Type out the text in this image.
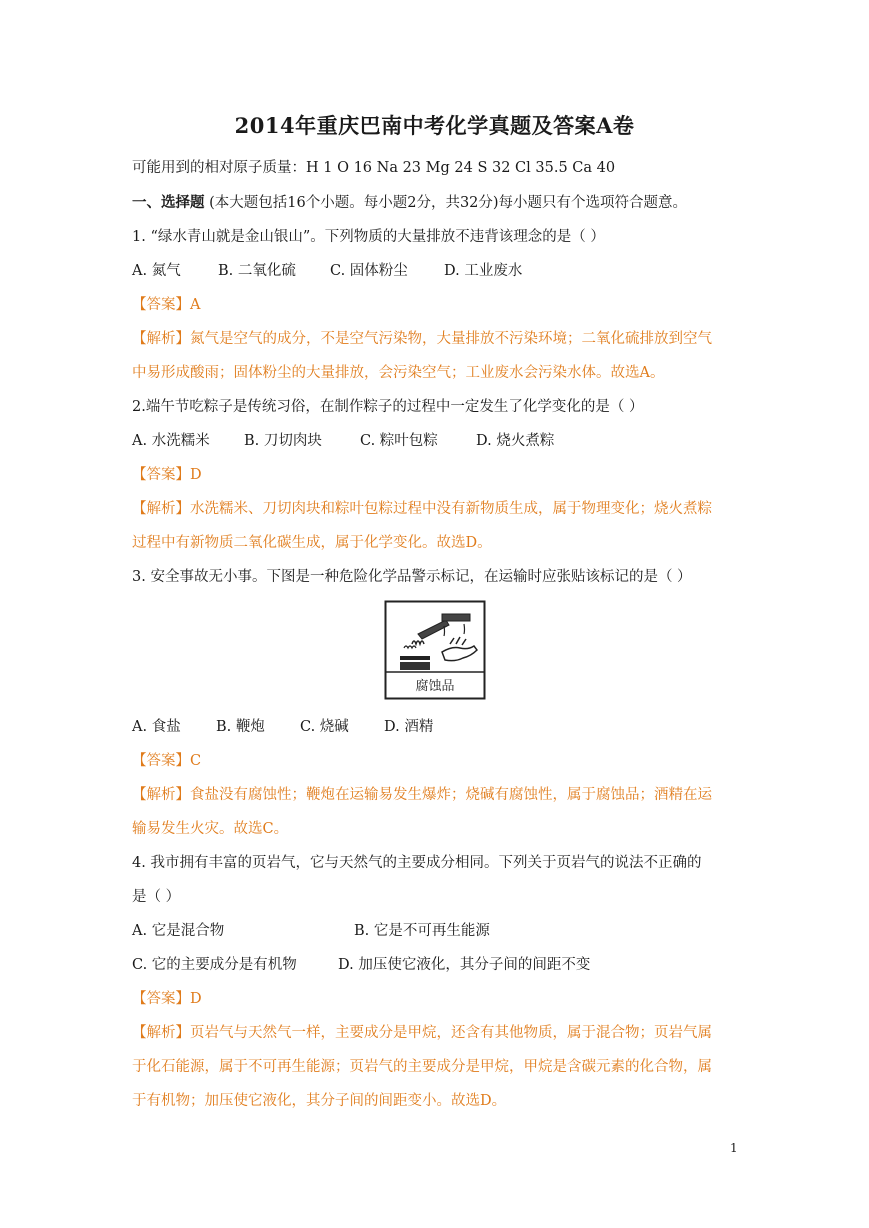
2014年重庆巴南中考化学真题及答案A卷
可能用到的相对原子质量：H 1 O 16 Na 23 Mg 24 S 32 Cl 35.5 Ca 40
一、选择题 (本大题包括16个小题。每小题2分，共32分)每小题只有个选项符合题意。
1. “绿水青山就是金山银山”。下列物质的大量排放不违背该理念的是（ ）
A. 氮气	B. 二氧化硫 C. 固体粉尘 D. 工业废水
【答案】A
【解析】氮气是空气的成分，不是空气污染物，大量排放不污染环境；二氧化硫排放到空气
中易形成酸雨；固体粉尘的大量排放，会污染空气；工业废水会污染水体。故选A。
2.端午节吃粽子是传统习俗，在制作粽子的过程中一定发生了化学变化的是（ ）
A. 水洗糯米 B. 刀切肉块	C. 粽叶包粽	D. 烧火煮粽
【答案】D
【解析】水洗糯米、刀切肉块和粽叶包粽过程中没有新物质生成，属于物理变化；烧火煮粽
过程中有新物质二氧化碳生成，属于化学变化。故选D。
3. 安全事故无小事。下图是一种危险化学品警示标记，在运输时应张贴该标记的是（ ）
腐蚀品
A. 食盐 B. 鞭炮 C. 烧碱 D. 酒精
【答案】C
【解析】食盐没有腐蚀性；鞭炮在运输易发生爆炸；烧碱有腐蚀性，属于腐蚀品；酒精在运
输易发生火灾。故选C。
4. 我市拥有丰富的页岩气，它与天然气的主要成分相同。下列关于页岩气的说法不正确的
是（ ）
A. 它是混合物	B. 它是不可再生能源
C. 它的主要成分是有机物	D. 加压使它液化，其分子间的间距不变
【答案】D
【解析】页岩气与天然气一样，主要成分是甲烷，还含有其他物质，属于混合物；页岩气属
于化石能源，属于不可再生能源；页岩气的主要成分是甲烷，甲烷是含碳元素的化合物，属
于有机物；加压使它液化，其分子间的间距变小。故选D。
1
